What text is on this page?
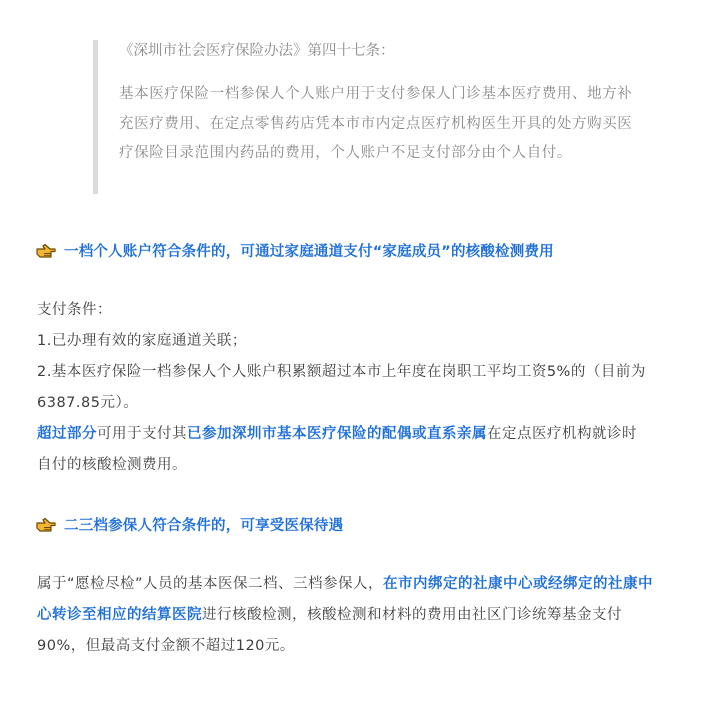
《深圳市社会医疗保险办法》第四十七条：
基本医疗保险一档参保人个人账户用于支付参保人门诊基本医疗费用、地方补充医疗费用、在定点零售药店凭本市市内定点医疗机构医生开具的处方购买医疗保险目录范围内药品的费用，个人账户不足支付部分由个人自付。
一档个人账户符合条件的，可通过家庭通道支付“家庭成员”的核酸检测费用
支付条件：
1.已办理有效的家庭通道关联；
2.基本医疗保险一档参保人个人账户积累额超过本市上年度在岗职工平均工资5%的（目前为
6387.85元）。
超过部分可用于支付其已参加深圳市基本医疗保险的配偶或直系亲属在定点医疗机构就诊时
自付的核酸检测费用。
二三档参保人符合条件的，可享受医保待遇
属于“愿检尽检”人员的基本医保二档、三档参保人，在市内绑定的社康中心或经绑定的社康中
心转诊至相应的结算医院进行核酸检测，核酸检测和材料的费用由社区门诊统筹基金支付
90%，但最高支付金额不超过120元。
